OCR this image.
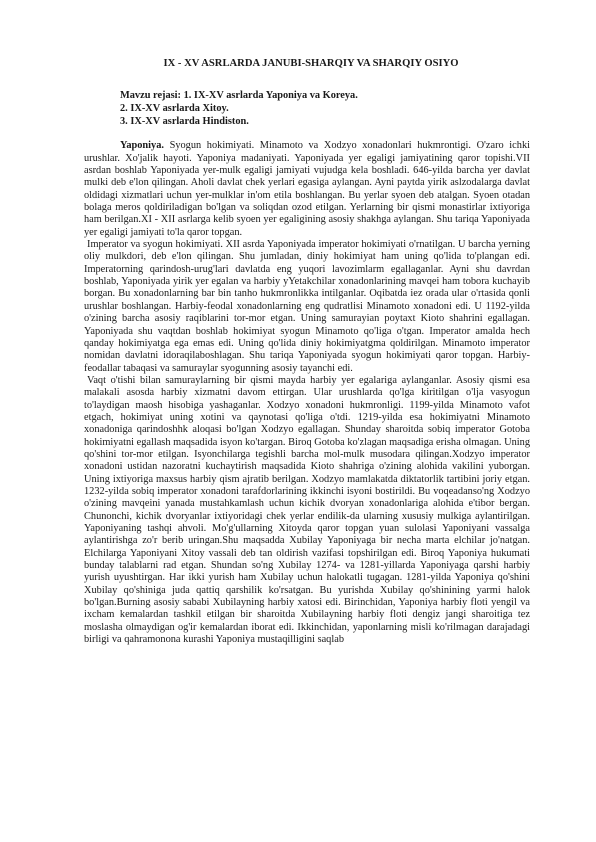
IX - XV ASRLARDA JANUBI-SHARQIY VA SHARQIY OSIYO
Mavzu rejasi: 1. IX-XV asrlarda Yaponiya va Koreya.
2. IX-XV asrlarda Xitoy.
3. IX-XV asrlarda Hindiston.

Yaponiya. Syogun hokimiyati. Minamoto va Xodzyo xonadonlari hukmrontigi. O'zaro ichki urushlar. Xo'jalik hayoti. Yaponiya madaniyati. Yaponiyada yer egaligi jamiyatining qaror topishi.VII asrdan boshlab Yaponiyada yer-mulk egaligi jamiyati vujudga kela boshladi. 646-yilda barcha yer davlat mulki deb e'lon qilingan. Aholi davlat chek yerlari egasiga aylangan. Ayni paytda yirik aslzodalarga davlat oldidagi xizmatlari uchun yer-mulklar in'om etila boshlangan. Bu yerlar syoen deb atalgan. Syoen otadan bolaga meros qoldiriladigan bo'lgan va soliqdan ozod etilgan. Yerlarning bir qismi monastirlar ixtiyoriga ham berilgan.XI - XII asrlarga kelib syoen yer egaligining asosiy shakhga aylangan. Shu tariqa Yaponiyada yer egaligi jamiyati to'la qaror topgan.

Imperator va syogun hokimiyati. XII asrda Yaponiyada imperator hokimiyati o'rnatilgan. U barcha yerning oliy mulkdori, deb e'lon qilingan. Shu jumladan, diniy hokimiyat ham uning qo'lida to'plangan edi. Imperatorning qarindosh-urug'lari davlatda eng yuqori lavozimlarm egallaganlar. Ayni shu davrdan boshlab, Yaponiyada yirik yer egalan va harbiy yYetakchilar xonadonlarining mavqei ham tobora kuchayib borgan. Bu xonadonlarning bar bin tanho hukmronlikka intilganlar. Oqibatda iez orada ular o'rtasida qonli urushlar boshlangan. Harbiy-feodal xonadonlarning eng qudratlisi Minamoto xonadoni edi. U 1192-yilda o'zining barcha asosiy raqiblarini tor-mor etgan. Uning samurayian poytaxt Kioto shahrini egallagan. Yaponiyada shu vaqtdan boshlab hokimiyat syogun Minamoto qo'liga o'tgan. Imperator amalda hech qanday hokimiyatga ega emas edi. Uning qo'lida diniy hokimiyatgma qoldirilgan. Minamoto imperator nomidan davlatni idoraqilaboshlagan. Shu tariqa Yaponiyada syogun hokimiyati qaror topgan. Harbiy-feodallar tabaqasi va samuraylar syogunning asosiy tayanchi edi.

Vaqt o'tishi bilan samuraylarning bir qismi mayda harbiy yer egalariga aylanganlar. Asosiy qismi esa malakali asosda harbiy xizmatni davom ettirgan. Ular urushlarda qo'lga kiritilgan o'lja vasyogun to'laydigan maosh hisobiga yashaganlar. Xodzyo xonadoni hukmronligi. 1199-yilda Minamoto vafot etgach, hokimiyat uning xotini va qaynotasi qo'liga o'tdi. 1219-yilda esa hokimiyatni Minamoto xonadoniga qarindoshhk aloqasi bo'lgan Xodzyo egallagan. Shunday sharoitda sobiq imperator Gotoba hokimiyatni egallash maqsadida isyon ko'targan. Biroq Gotoba ko'zlagan maqsadiga erisha olmagan. Uning qo'shini tor-mor etilgan. Isyonchilarga tegishli barcha mol-mulk musodara qilingan.Xodzyo imperator xonadoni ustidan nazoratni kuchaytirish maqsadida Kioto shahriga o'zining alohida vakilini yuborgan. Uning ixtiyoriga maxsus harbiy qism ajratib berilgan. Xodzyo mamlakatda diktatorlik tartibini joriy etgan. 1232-yilda sobiq imperator xonadoni tarafdorlarining ikkinchi isyoni bostirildi. Bu voqeadanso'ng Xodzyo o'zining mavqeini yanada mustahkamlash uchun kichik dvoryan xonadonlariga alohida e'tibor bergan. Chunonchi, kichik dvoryanlar ixtiyoridagi chek yerlar endilik-da ularning xususiy mulkiga aylantirilgan. Yaponiyaning tashqi ahvoli. Mo'g'ullarning Xitoyda qaror topgan yuan sulolasi Yaponiyani vassalga aylantirishga zo'r berib uringan.Shu maqsadda Xubilay Yaponiyaga bir necha marta elchilar jo'natgan. Elchilarga Yaponiyani Xitoy vassali deb tan oldirish vazifasi topshirilgan edi. Biroq Yaponiya hukumati bunday talablarni rad etgan. Shundan so'ng Xubilay 1274- va 1281-yillarda Yaponiyaga qarshi harbiy yurish uyushtirgan. Har ikki yurish ham Xubilay uchun halokatli tugagan. 1281-yilda Yaponiya qo'shini Xubilay qo'shiniga juda qattiq qarshilik ko'rsatgan. Bu yurishda Xubilay qo'shinining yarmi halok bo'lgan.Burning asosiy sababi Xubilayning harbiy xatosi edi. Birinchidan, Yaponiya harbiy floti yengil va ixcham kemalardan tashkil etilgan bir sharoitda Xubilayning harbiy floti dengiz jangi sharoitiga tez moslasha olmaydigan og'ir kemalardan iborat edi. Ikkinchidan, yaponlarning misli ko'rilmagan darajadagi birligi va qahramonona kurashi Yaponiya mustaqilligini saqlab
